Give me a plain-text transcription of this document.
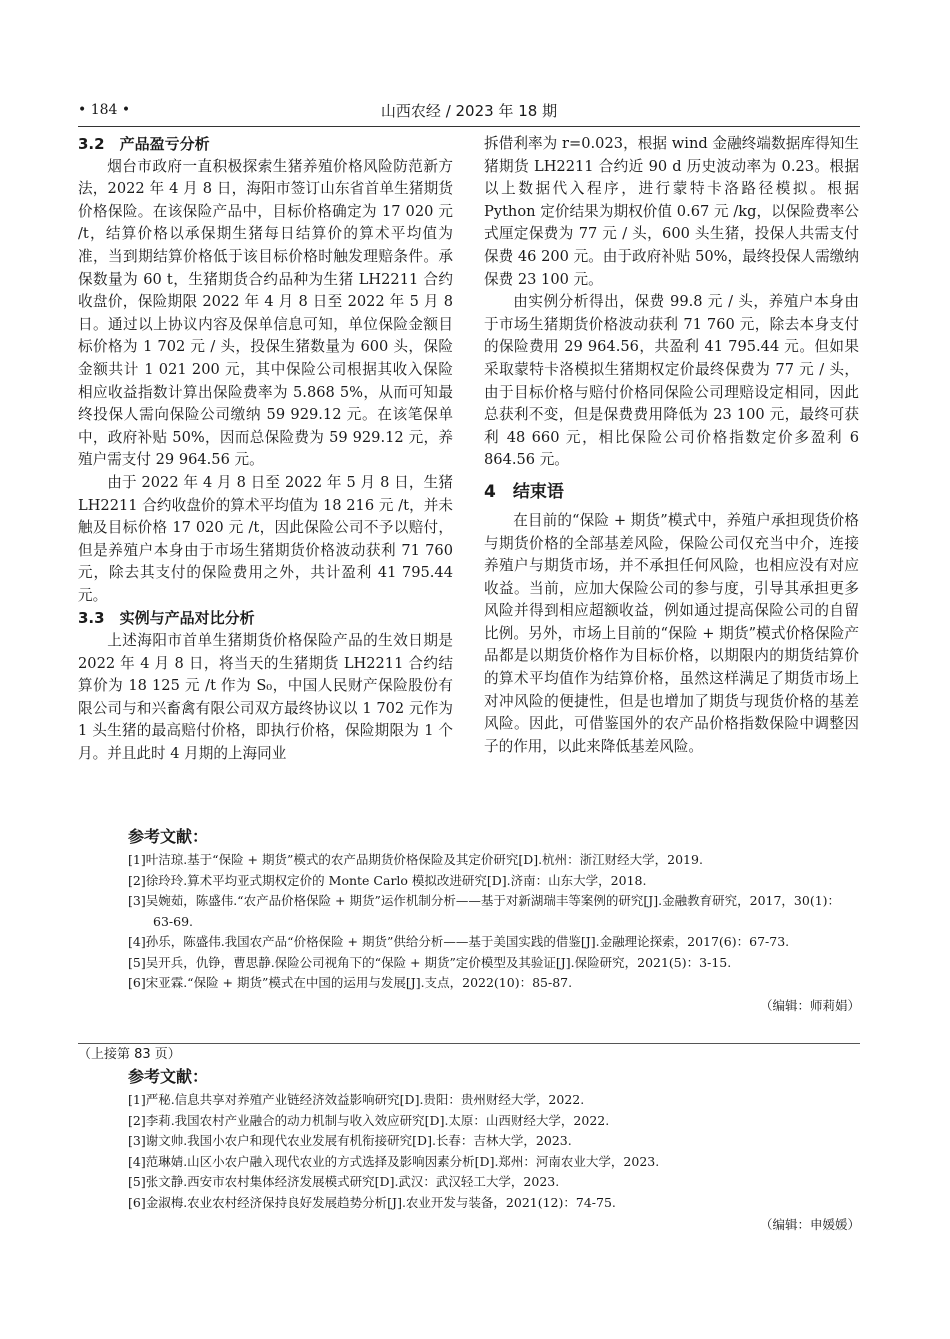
• 184 •	山西农经 / 2023 年 18 期
3.2　产品盈亏分析

烟台市政府一直积极探索生猪养殖价格风险防范新方法，2022 年 4 月 8 日，海阳市签订山东省首单生猪期货价格保险。在该保险产品中，目标价格确定为 17 020 元 /t，结算价格以承保期生猪每日结算价的算术平均值为准，当到期结算价格低于该目标价格时触发理赔条件。承保数量为 60 t，生猪期货合约品种为生猪 LH2211 合约收盘价，保险期限 2022 年 4 月 8 日至 2022 年 5 月 8 日。通过以上协议内容及保单信息可知，单位保险金额目标价格为 1 702 元 / 头，投保生猪数量为 600 头，保险金额共计 1 021 200 元，其中保险公司根据其收入保险相应收益指数计算出保险费率为 5.868 5%，从而可知最终投保人需向保险公司缴纳 59 929.12 元。在该笔保单中，政府补贴 50%，因而总保险费为 59 929.12 元，养殖户需支付 29 964.56 元。

由于 2022 年 4 月 8 日至 2022 年 5 月 8 日，生猪 LH2211 合约收盘价的算术平均值为 18 216 元 /t，并未触及目标价格 17 020 元 /t，因此保险公司不予以赔付，但是养殖户本身由于市场生猪期货价格波动获利 71 760 元，除去其支付的保险费用之外，共计盈利 41 795.44 元。

3.3　实例与产品对比分析

上述海阳市首单生猪期货价格保险产品的生效日期是 2022 年 4 月 8 日，将当天的生猪期货 LH2211 合约结算价为 18 125 元 /t 作为 S₀，中国人民财产保险股份有限公司与和兴畜禽有限公司双方最终协议以 1 702 元作为 1 头生猪的最高赔付价格，即执行价格，保险期限为 1 个月。并且此时 4 月期的上海同业

拆借利率为 r=0.023，根据 wind 金融终端数据库得知生猪期货 LH2211 合约近 90 d 历史波动率为 0.23。根据以上数据代入程序，进行蒙特卡洛路径模拟。根据 Python 定价结果为期权价值 0.67 元 /kg，以保险费率公式厘定保费为 77 元 / 头，600 头生猪，投保人共需支付保费 46 200 元。由于政府补贴 50%，最终投保人需缴纳保费 23 100 元。

由实例分析得出，保费 99.8 元 / 头，养殖户本身由于市场生猪期货价格波动获利 71 760 元，除去本身支付的保险费用 29 964.56，共盈利 41 795.44 元。但如果采取蒙特卡洛模拟生猪期权定价最终保费为 77 元 / 头，由于目标价格与赔付价格同保险公司理赔设定相同，因此总获利不变，但是保费费用降低为 23 100 元，最终可获利 48 660 元，相比保险公司价格指数定价多盈利 6 864.56 元。

4　结束语

在目前的“保险 + 期货”模式中，养殖户承担现货价格与期货价格的全部基差风险，保险公司仅充当中介，连接养殖户与期货市场，并不承担任何风险，也相应没有对应收益。当前，应加大保险公司的参与度，引导其承担更多风险并得到相应超额收益，例如通过提高保险公司的自留比例。另外，市场上目前的“保险 + 期货”模式价格保险产品都是以期货价格作为目标价格，以期限内的期货结算价的算术平均值作为结算价格，虽然这样满足了期货市场上对冲风险的便捷性，但是也增加了期货与现货价格的基差风险。因此，可借鉴国外的农产品价格指数保险中调整因子的作用，以此来降低基差风险。

参考文献：
[1]叶洁琼.基于“保险 + 期货”模式的农产品期货价格保险及其定价研究[D].杭州：浙江财经大学，2019.
[2]徐玲玲.算术平均亚式期权定价的 Monte Carlo 模拟改进研究[D].济南：山东大学，2018.
[3]吴婉茹，陈盛伟.“农产品价格保险 + 期货”运作机制分析——基于对新湖瑞丰等案例的研究[J].金融教育研究，2017，30(1)：63-69.
[4]孙乐，陈盛伟.我国农产品“价格保险 + 期货”供给分析——基于美国实践的借鉴[J].金融理论探索，2017(6)：67-73.
[5]吴开兵，仇铮，曹思静.保险公司视角下的“保险 + 期货”定价模型及其验证[J].保险研究，2021(5)：3-15.
[6]宋亚霖.“保险 + 期货”模式在中国的运用与发展[J].支点，2022(10)：85-87.
（编辑：师莉娟）
（上接第 83 页）
参考文献：
[1]严秘.信息共享对养殖产业链经济效益影响研究[D].贵阳：贵州财经大学，2022.
[2]李莉.我国农村产业融合的动力机制与收入效应研究[D].太原：山西财经大学，2022.
[3]谢文帅.我国小农户和现代农业发展有机衔接研究[D].长春：吉林大学，2023.
[4]范琳婧.山区小农户融入现代农业的方式选择及影响因素分析[D].郑州：河南农业大学，2023.
[5]张文静.西安市农村集体经济发展模式研究[D].武汉：武汉轻工大学，2023.
[6]金淑梅.农业农村经济保持良好发展趋势分析[J].农业开发与装备，2021(12)：74-75.
（编辑：申媛媛）
